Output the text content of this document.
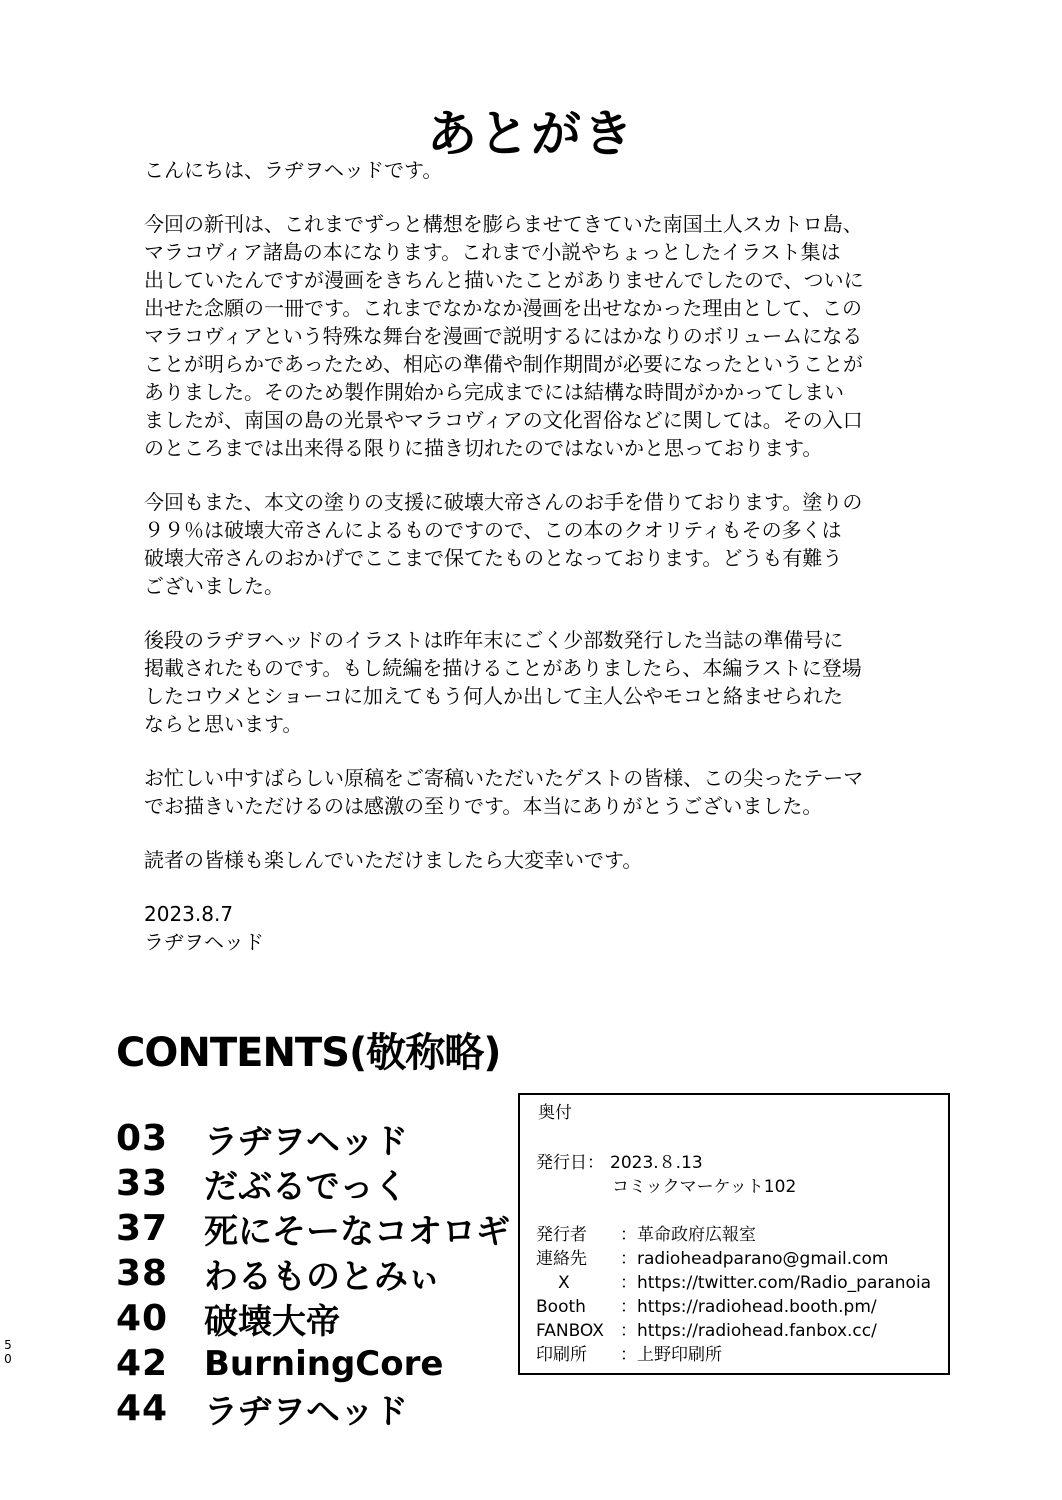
あとがき

こんにちは、ラヂヲヘッドです。

今回の新刊は、これまでずっと構想を膨らませてきていた南国土人スカトロ島、
マラコヴィア諸島の本になります。これまで小説やちょっとしたイラスト集は
出していたんですが漫画をきちんと描いたことがありませんでしたので、ついに
出せた念願の一冊です。これまでなかなか漫画を出せなかった理由として、この
マラコヴィアという特殊な舞台を漫画で説明するにはかなりのボリュームになる
ことが明らかであったため、相応の準備や制作期間が必要になったということが
ありました。そのため製作開始から完成までには結構な時間がかかってしまい
ましたが、南国の島の光景やマラコヴィアの文化習俗などに関しては。その入口
のところまでは出来得る限りに描き切れたのではないかと思っております。

今回もまた、本文の塗りの支援に破壊大帝さんのお手を借りております。塗りの
９９％は破壊大帝さんによるものですので、この本のクオリティもその多くは
破壊大帝さんのおかげでここまで保てたものとなっております。どうも有難う
ございました。

後段のラヂヲヘッドのイラストは昨年末にごく少部数発行した当誌の準備号に
掲載されたものです。もし続編を描けることがありましたら、本編ラストに登場
したコウメとショーコに加えてもう何人か出して主人公やモコと絡ませられた
ならと思います。

お忙しい中すばらしい原稿をご寄稿いただいたゲストの皆様、この尖ったテーマ
でお描きいただけるのは感激の至りです。本当にありがとうございました。

読者の皆様も楽しんでいただけましたら大変幸いです。

2023.8.7

ラヂヲヘッド

CONTENTS(敬称略)
03	ラヂヲヘッド
33	だぶるでっく
37	死にそーなコオロギ
38	わるものとみぃ
40	破壊大帝
42	BurningCore
44	ラヂヲヘッド
奥付
発行日： 2023.８.13
コミックマーケット102
発行者 ：革命政府広報室
連絡先 ：radioheadparano@gmail.com
X	：https://twitter.com/Radio_paranoia
Booth ：https://radiohead.booth.pm/
FANBOX ：https://radiohead.fanbox.cc/
印刷所 ：上野印刷所
50
